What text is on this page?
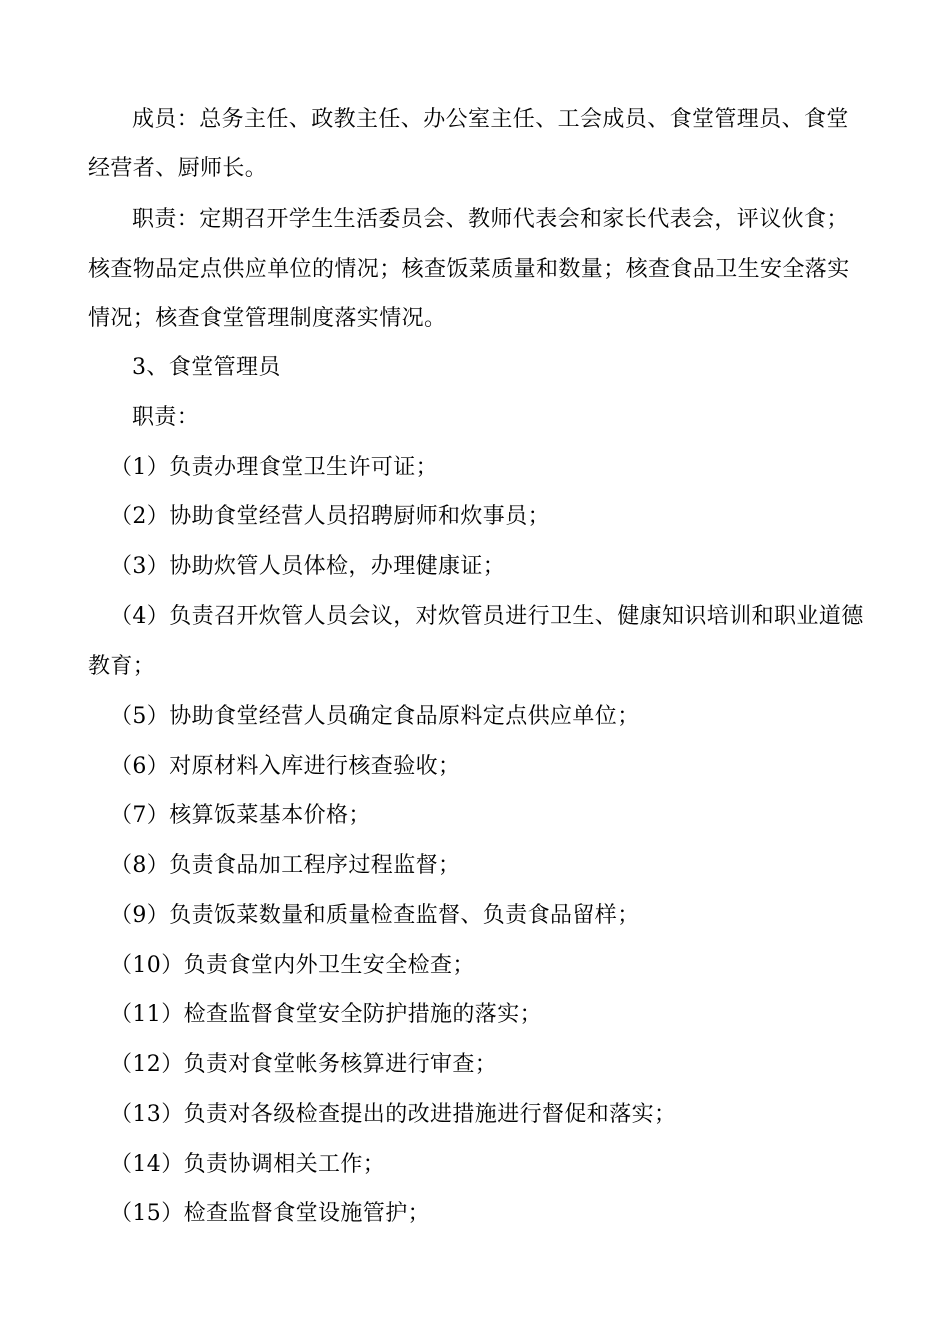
成员：总务主任、政教主任、办公室主任、工会成员、食堂管理员、食堂
经营者、厨师长。
职责：定期召开学生生活委员会、教师代表会和家长代表会，评议伙食；
核查物品定点供应单位的情况；核查饭菜质量和数量；核查食品卫生安全落实
情况；核查食堂管理制度落实情况。
3、食堂管理员
职责：
（1）负责办理食堂卫生许可证；
（2）协助食堂经营人员招聘厨师和炊事员；
（3）协助炊管人员体检，办理健康证；
（4）负责召开炊管人员会议，对炊管员进行卫生、健康知识培训和职业道德
教育；
（5）协助食堂经营人员确定食品原料定点供应单位；
（6）对原材料入库进行核查验收；
（7）核算饭菜基本价格；
（8）负责食品加工程序过程监督；
（9）负责饭菜数量和质量检查监督、负责食品留样；
（10）负责食堂内外卫生安全检查；
（11）检查监督食堂安全防护措施的落实；
（12）负责对食堂帐务核算进行审查；
（13）负责对各级检查提出的改进措施进行督促和落实；
（14）负责协调相关工作；
（15）检查监督食堂设施管护；
